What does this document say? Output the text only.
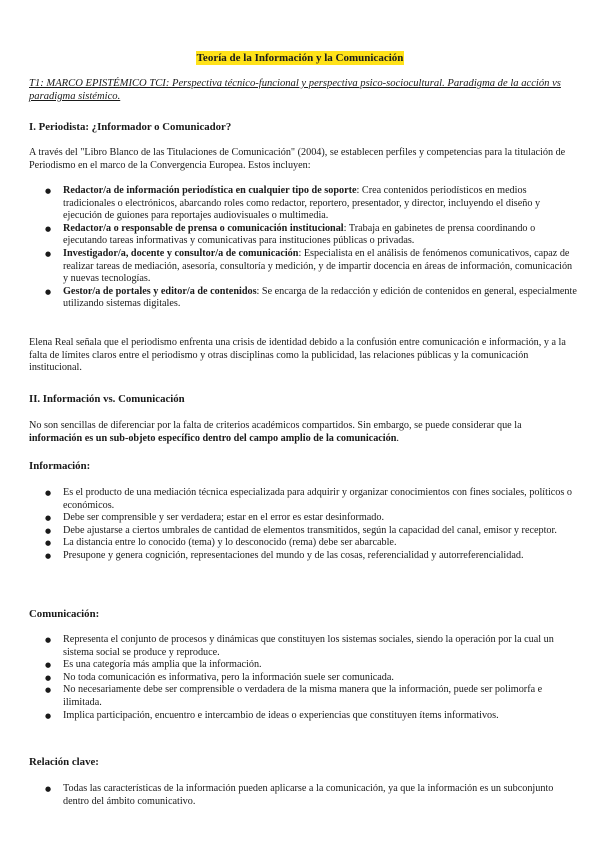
Teoría de la Información y la Comunicación
T1: MARCO EPISTÉMICO TCI: Perspectiva técnico-funcional y perspectiva psico-sociocultural. Paradigma de la acción vs paradigma sistémico.
I. Periodista: ¿Informador o Comunicador?

A través del "Libro Blanco de las Titulaciones de Comunicación" (2004), se establecen perfiles y competencias para la titulación de Periodismo en el marco de la Convergencia Europea. Estos incluyen:

● Redactor/a de información periodística en cualquier tipo de soporte: Crea contenidos periodísticos en medios tradicionales o electrónicos, abarcando roles como redactor, reportero, presentador, y director, incluyendo el diseño y ejecución de guiones para reportajes audiovisuales o multimedia.
● Redactor/a o responsable de prensa o comunicación institucional: Trabaja en gabinetes de prensa coordinando o ejecutando tareas informativas y comunicativas para instituciones públicas o privadas.
● Investigador/a, docente y consultor/a de comunicación: Especialista en el análisis de fenómenos comunicativos, capaz de realizar tareas de mediación, asesoría, consultoría y medición, y de impartir docencia en áreas de información, comunicación y nuevas tecnologías.
● Gestor/a de portales y editor/a de contenidos: Se encarga de la redacción y edición de contenidos en general, especialmente utilizando sistemas digitales.

Elena Real señala que el periodismo enfrenta una crisis de identidad debido a la confusión entre comunicación e información, y a la falta de límites claros entre el periodismo y otras disciplinas como la publicidad, las relaciones públicas y la comunicación institucional.

II. Información vs. Comunicación

No son sencillas de diferenciar por la falta de criterios académicos compartidos. Sin embargo, se puede considerar que la información es un sub-objeto específico dentro del campo amplio de la comunicación.

Información:
● Es el producto de una mediación técnica especializada para adquirir y organizar conocimientos con fines sociales, políticos o económicos.
● Debe ser comprensible y ser verdadera; estar en el error es estar desinformado.
● Debe ajustarse a ciertos umbrales de cantidad de elementos transmitidos, según la capacidad del canal, emisor y receptor.
● La distancia entre lo conocido (tema) y lo desconocido (rema) debe ser abarcable.
● Presupone y genera cognición, representaciones del mundo y de las cosas, referencialidad y autorreferencialidad.
Comunicación:
● Representa el conjunto de procesos y dinámicas que constituyen los sistemas sociales, siendo la operación por la cual un sistema social se produce y reproduce.
● Es una categoría más amplia que la información.
● No toda comunicación es informativa, pero la información suele ser comunicada.
● No necesariamente debe ser comprensible o verdadera de la misma manera que la información, puede ser polimorfa e ilimitada.
● Implica participación, encuentro e intercambio de ideas o experiencias que constituyen ítems informativos.
Relación clave:
● Todas las características de la información pueden aplicarse a la comunicación, ya que la información es un subconjunto dentro del ámbito comunicativo.
